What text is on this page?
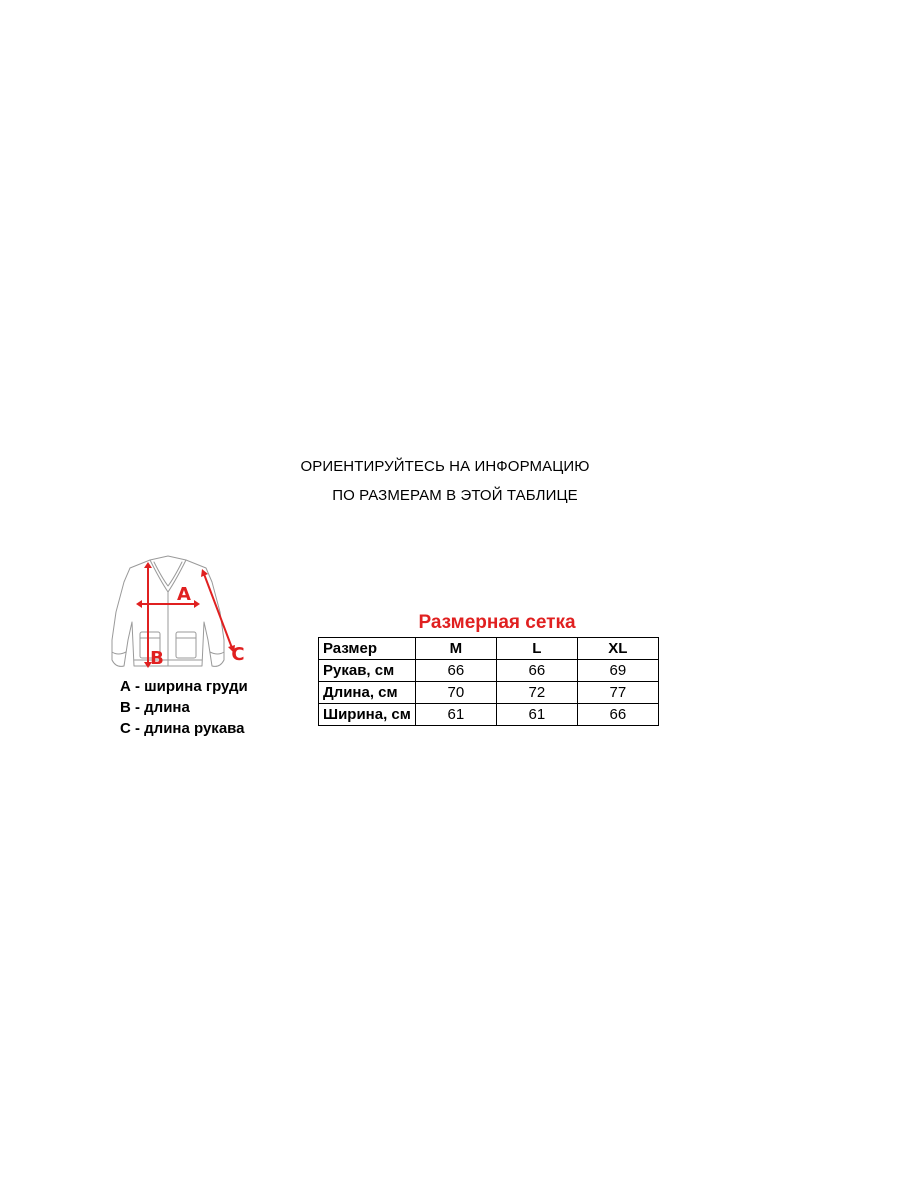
ОРИЕНТИРУЙТЕСЬ НА ИНФОРМАЦИЮ
ПО РАЗМЕРАМ В ЭТОЙ ТАБЛИЦЕ
A
B	C
А - ширина груди
В - длина
С - длина рукава
Размерная сетка
Размер	M	L	XL
Рукав, см	66	66	69
Длина, см	70	72	77
Ширина, см	61	61	66
